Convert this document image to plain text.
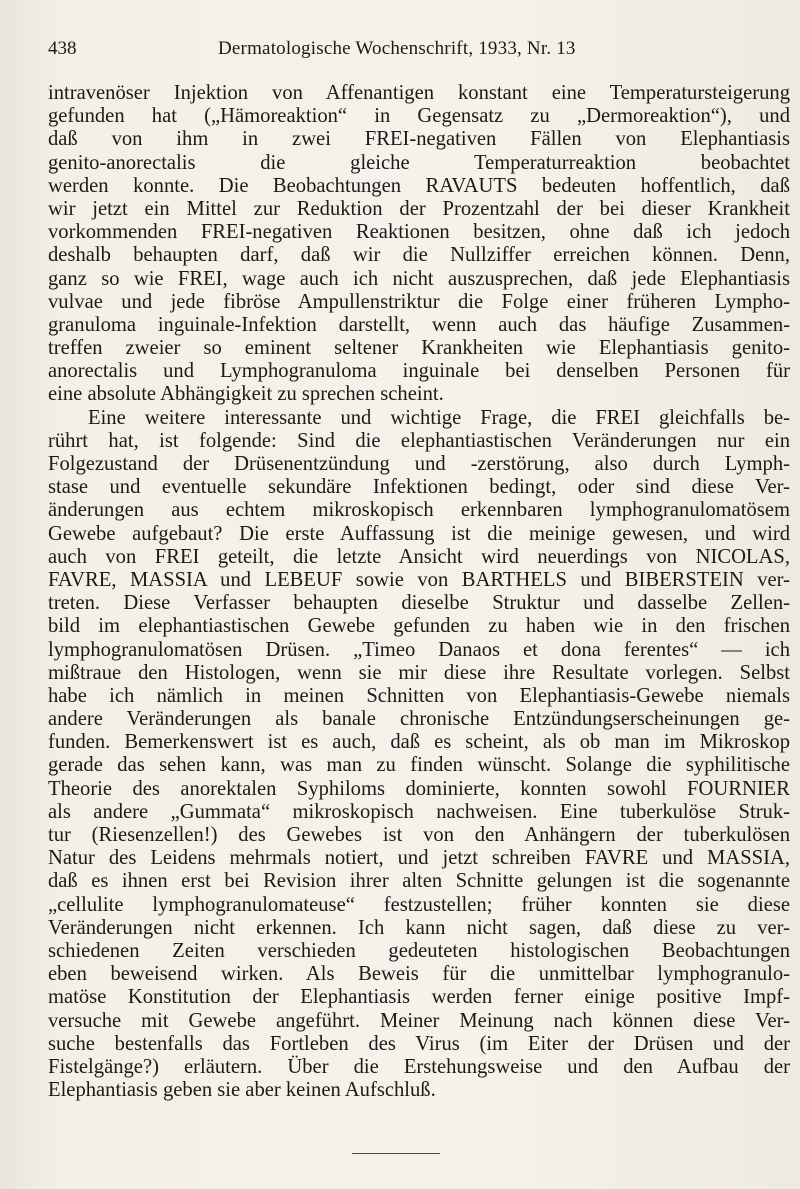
438	Dermatologische Wochenschrift, 1933, Nr. 13

intravenöser Injektion von Affenantigen konstant eine Temperatursteigerung
gefunden hat („Hämoreaktion“ in Gegensatz zu „Dermoreaktion“), und
daß von ihm in zwei FREI-negativen Fällen von Elephantiasis
genito-anorectalis die gleiche Temperaturreaktion beobachtet
werden konnte. Die Beobachtungen RAVAUTS bedeuten hoffentlich, daß
wir jetzt ein Mittel zur Reduktion der Prozentzahl der bei dieser Krankheit
vorkommenden FREI-negativen Reaktionen besitzen, ohne daß ich jedoch
deshalb behaupten darf, daß wir die Nullziffer erreichen können. Denn,
ganz so wie FREI, wage auch ich nicht auszusprechen, daß jede Elephantiasis
vulvae und jede fibröse Ampullenstriktur die Folge einer früheren Lympho-
granuloma inguinale-Infektion darstellt, wenn auch das häufige Zusammen-
treffen zweier so eminent seltener Krankheiten wie Elephantiasis genito-
anorectalis und Lymphogranuloma inguinale bei denselben Personen für
eine absolute Abhängigkeit zu sprechen scheint.

Eine weitere interessante und wichtige Frage, die FREI gleichfalls be-
rührt hat, ist folgende: Sind die elephantiastischen Veränderungen nur ein
Folgezustand der Drüsenentzündung und -zerstörung, also durch Lymph-
stase und eventuelle sekundäre Infektionen bedingt, oder sind diese Ver-
änderungen aus echtem mikroskopisch erkennbaren lymphogranulomatösem
Gewebe aufgebaut? Die erste Auffassung ist die meinige gewesen, und wird
auch von FREI geteilt, die letzte Ansicht wird neuerdings von NICOLAS,
FAVRE, MASSIA und LEBEUF sowie von BARTHELS und BIBERSTEIN ver-
treten. Diese Verfasser behaupten dieselbe Struktur und dasselbe Zellen-
bild im elephantiastischen Gewebe gefunden zu haben wie in den frischen
lymphogranulomatösen Drüsen. „Timeo Danaos et dona ferentes“ — ich
mißtraue den Histologen, wenn sie mir diese ihre Resultate vorlegen. Selbst
habe ich nämlich in meinen Schnitten von Elephantiasis-Gewebe niemals
andere Veränderungen als banale chronische Entzündungserscheinungen ge-
funden. Bemerkenswert ist es auch, daß es scheint, als ob man im Mikroskop
gerade das sehen kann, was man zu finden wünscht. Solange die syphilitische
Theorie des anorektalen Syphiloms dominierte, konnten sowohl FOURNIER
als andere „Gummata“ mikroskopisch nachweisen. Eine tuberkulöse Struk-
tur (Riesenzellen!) des Gewebes ist von den Anhängern der tuberkulösen
Natur des Leidens mehrmals notiert, und jetzt schreiben FAVRE und MASSIA,
daß es ihnen erst bei Revision ihrer alten Schnitte gelungen ist die sogenannte
„cellulite lymphogranulomateuse“ festzustellen; früher konnten sie diese
Veränderungen nicht erkennen. Ich kann nicht sagen, daß diese zu ver-
schiedenen Zeiten verschieden gedeuteten histologischen Beobachtungen
eben beweisend wirken. Als Beweis für die unmittelbar lymphogranulo-
matöse Konstitution der Elephantiasis werden ferner einige positive Impf-
versuche mit Gewebe angeführt. Meiner Meinung nach können diese Ver-
suche bestenfalls das Fortleben des Virus (im Eiter der Drüsen und der
Fistelgänge?) erläutern. Über die Erstehungsweise und den Aufbau der
Elephantiasis geben sie aber keinen Aufschluß.
